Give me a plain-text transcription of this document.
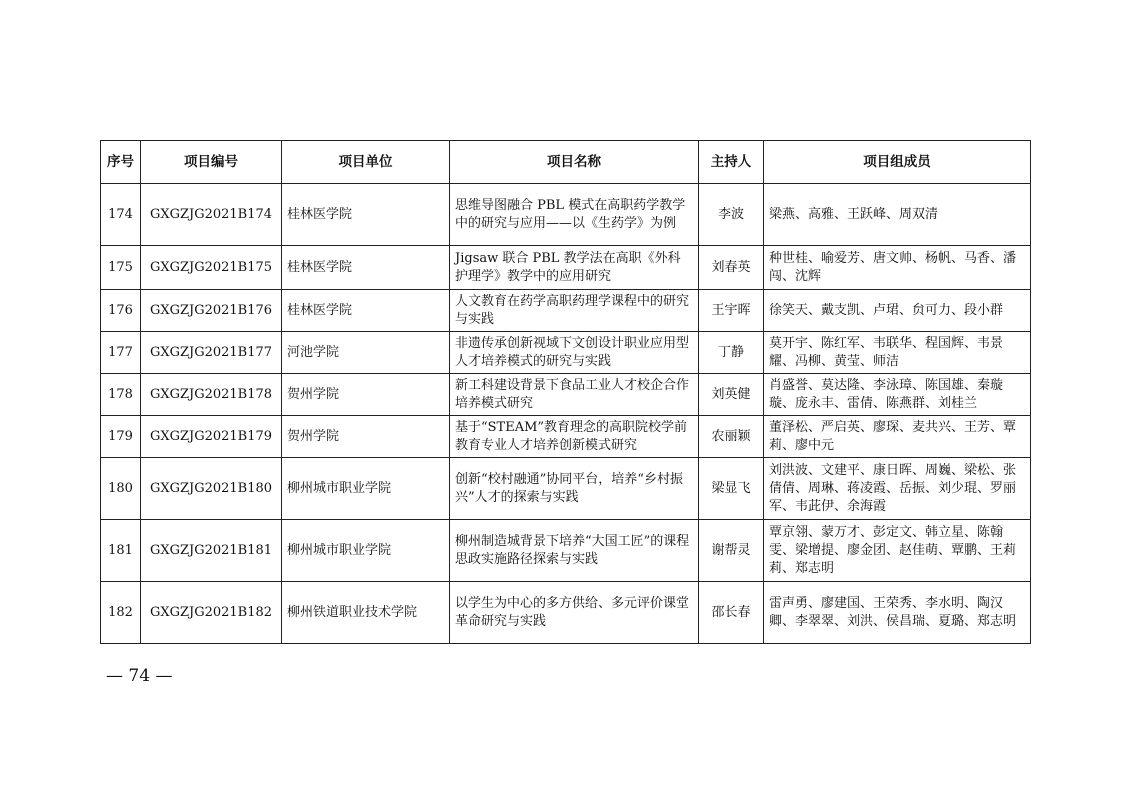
序号	项目编号	项目单位	项目名称	主持人	项目组成员
174	GXGZJG2021B174	桂林医学院	思维导图融合 PBL 模式在高职药学教学中的研究与应用——以《生药学》为例	李波	梁燕、高雅、王跃峰、周双清
175	GXGZJG2021B175	桂林医学院	Jigsaw 联合 PBL 教学法在高职《外科护理学》教学中的应用研究	刘春英	种世桂、喻爱芳、唐文帅、杨帆、马香、潘闯、沈辉
176	GXGZJG2021B176	桂林医学院	人文教育在药学高职药理学课程中的研究与实践	王宇晖	徐笑天、戴支凯、卢珺、贠可力、段小群
177	GXGZJG2021B177	河池学院	非遗传承创新视域下文创设计职业应用型人才培养模式的研究与实践	丁静	莫开宇、陈红军、韦联华、程国辉、韦景耀、冯柳、黄莹、师洁
178	GXGZJG2021B178	贺州学院	新工科建设背景下食品工业人才校企合作培养模式研究	刘英健	肖盛誉、莫达隆、李泳璋、陈国雄、秦璇璇、庞永丰、雷倩、陈燕群、刘桂兰
179	GXGZJG2021B179	贺州学院	基于“STEAM”教育理念的高职院校学前教育专业人才培养创新模式研究	农丽颖	董泽松、严启英、廖琛、麦共兴、王芳、覃莉、廖中元
180	GXGZJG2021B180	柳州城市职业学院	创新“校村融通”协同平台，培养“乡村振兴”人才的探索与实践	梁显飞	刘洪波、文建平、康日晖、周巍、梁松、张倩倩、周琳、蒋凌霞、岳振、刘少琨、罗丽军、韦茈伊、余海霞
181	GXGZJG2021B181	柳州城市职业学院	柳州制造城背景下培养“大国工匠”的课程思政实施路径探索与实践	谢帮灵	覃京翎、蒙万才、彭定文、韩立星、陈翰雯、梁增提、廖金团、赵佳萌、覃鹏、王莉莉、郑志明
182	GXGZJG2021B182	柳州铁道职业技术学院	以学生为中心的多方供给、多元评价课堂革命研究与实践	邵长春	雷声勇、廖建国、王荣秀、李水明、陶汉卿、李翠翠、刘洪、侯昌瑞、夏璐、郑志明
— 74 —
